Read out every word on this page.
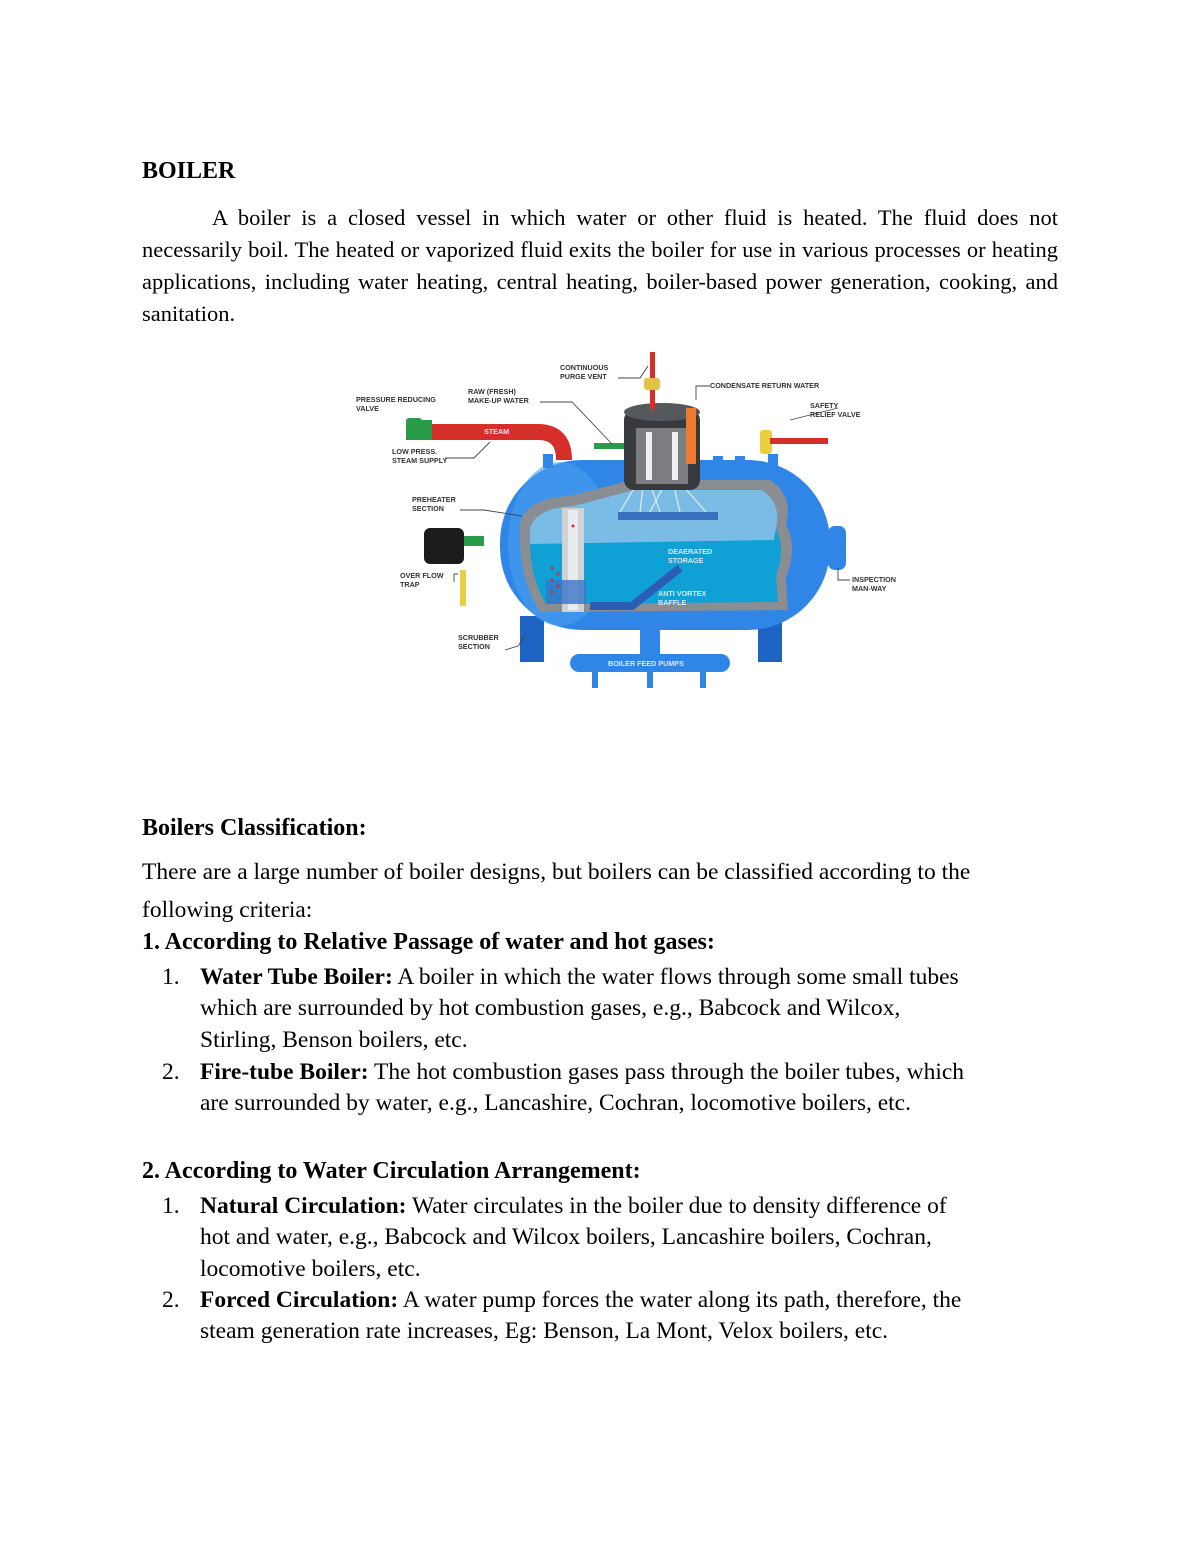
BOILER

A boiler is a closed vessel in which water or other fluid is heated. The fluid does not necessarily boil. The heated or vaporized fluid exits the boiler for use in various processes or heating applications, including water heating, central heating, boiler-based power generation, cooking, and sanitation.

STEAM
BOILER FEED PUMPS
CONTINUOUS PURGE VENT
CONDENSATE RETURN WATER
RAW (FRESH) MAKE-UP WATER
PRESSURE REDUCING VALVE	SAFETY RELIEF VALVE
LOW PRESS. STEAM SUPPLY
PREHEATER SECTION
DEAERATED STORAGE
OVER FLOW TRAP
INSPECTION MAN-WAY
ANTI VORTEX BAFFLE
SCRUBBER SECTION
Boilers Classification:

There are a large number of boiler designs, but boilers can be classified according to the following criteria:

1. According to Relative Passage of water and hot gases:
1. Water Tube Boiler: A boiler in which the water flows through some small tubes which are surrounded by hot combustion gases, e.g., Babcock and Wilcox, Stirling, Benson boilers, etc.
2. Fire-tube Boiler: The hot combustion gases pass through the boiler tubes, which are surrounded by water, e.g., Lancashire, Cochran, locomotive boilers, etc.
2. According to Water Circulation Arrangement:
1. Natural Circulation: Water circulates in the boiler due to density difference of hot and water, e.g., Babcock and Wilcox boilers, Lancashire boilers, Cochran, locomotive boilers, etc.
2. Forced Circulation: A water pump forces the water along its path, therefore, the steam generation rate increases, Eg: Benson, La Mont, Velox boilers, etc.
